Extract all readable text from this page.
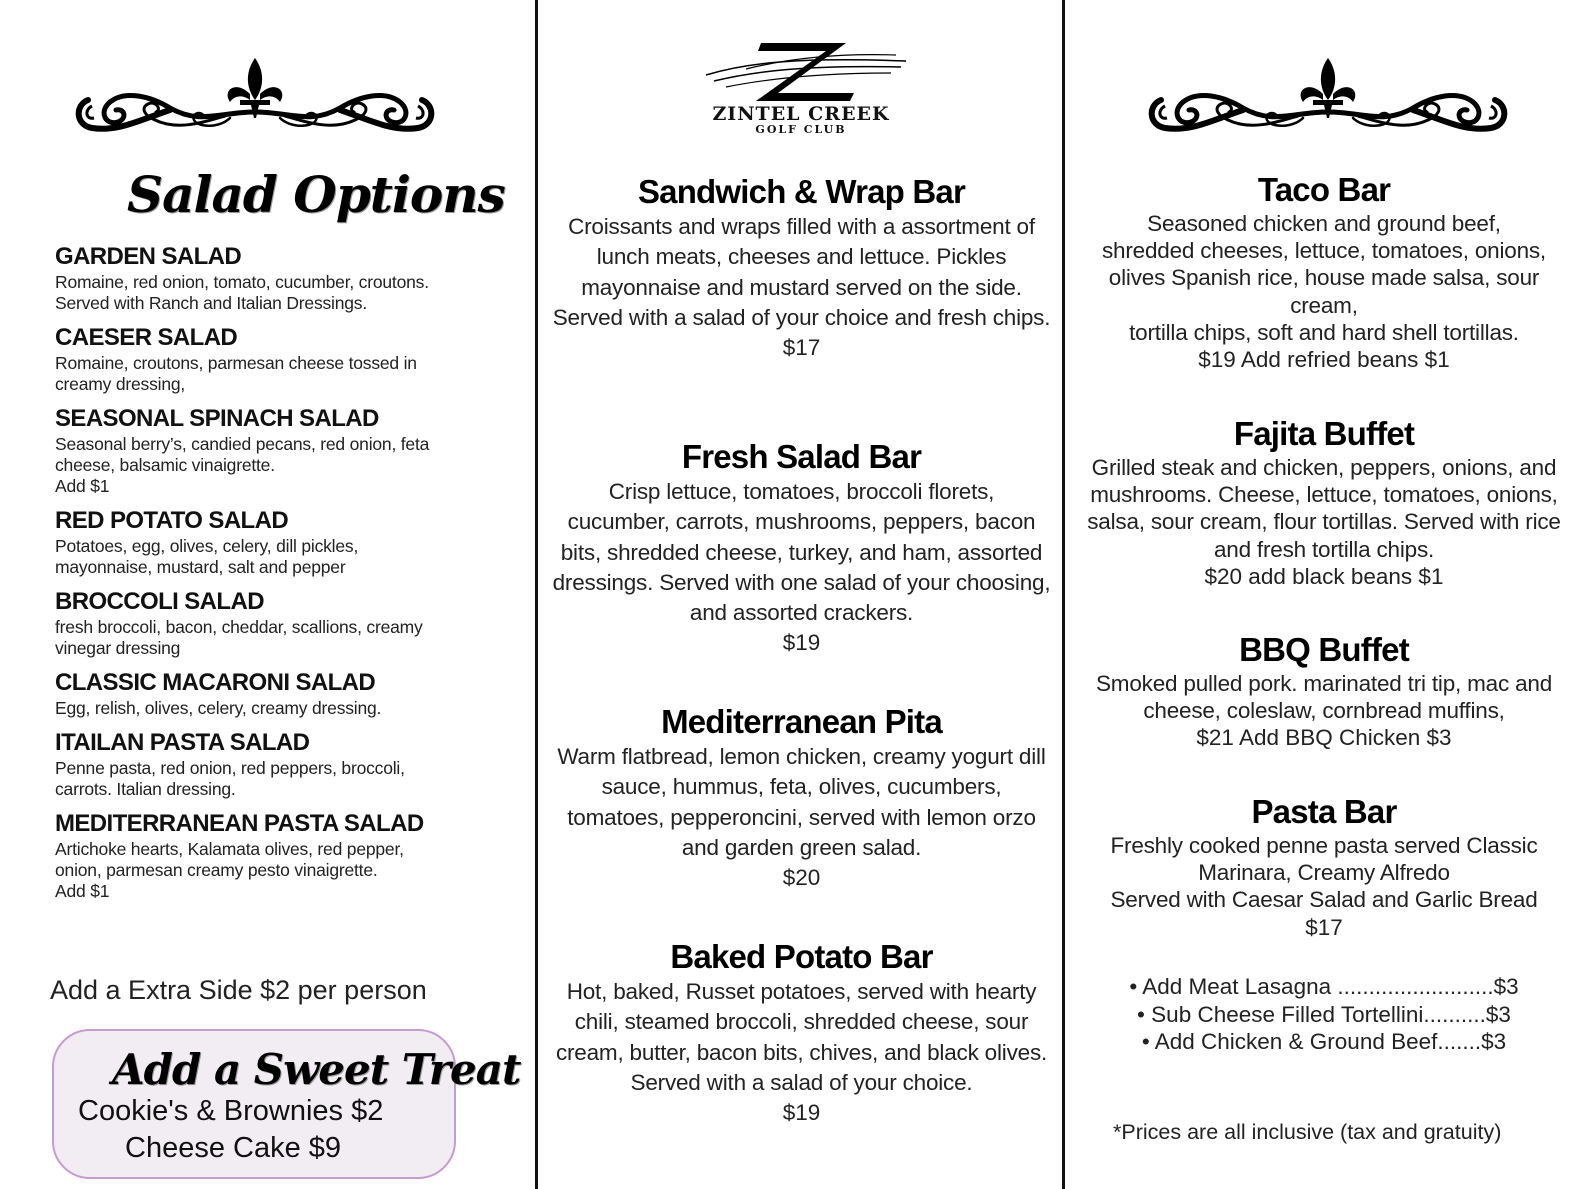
Salad Options
GARDEN SALAD
Romaine, red onion, tomato, cucumber, croutons.
Served with Ranch and Italian Dressings.
CAESER SALAD
Romaine, croutons, parmesan cheese tossed in
creamy dressing,
SEASONAL SPINACH SALAD
Seasonal berry’s, candied pecans, red onion, feta
cheese, balsamic vinaigrette.
Add $1
RED POTATO SALAD
Potatoes, egg, olives, celery, dill pickles,
mayonnaise, mustard, salt and pepper
BROCCOLI SALAD
fresh broccoli, bacon, cheddar, scallions, creamy
vinegar dressing
CLASSIC MACARONI SALAD
Egg, relish, olives, celery, creamy dressing.
ITAILAN PASTA SALAD
Penne pasta, red onion, red peppers, broccoli,
carrots. Italian dressing.
MEDITERRANEAN PASTA SALAD
Artichoke hearts, Kalamata olives, red pepper,
onion, parmesan creamy pesto vinaigrette.
Add $1
Add a Extra Side $2 per person
Add a Sweet Treat
Cookie's & Brownies $2
Cheese Cake $9
ZINTEL CREEK
GOLF CLUB
Sandwich & Wrap Bar
Croissants and wraps filled with a assortment of
lunch meats, cheeses and lettuce. Pickles
mayonnaise and mustard served on the side.
Served with a salad of your choice and fresh chips.
$17
Fresh Salad Bar
Crisp lettuce, tomatoes, broccoli florets,
cucumber, carrots, mushrooms, peppers, bacon
bits, shredded cheese, turkey, and ham, assorted
dressings. Served with one salad of your choosing,
and assorted crackers.
$19
Mediterranean Pita
Warm flatbread, lemon chicken, creamy yogurt dill
sauce, hummus, feta, olives, cucumbers,
tomatoes, pepperoncini, served with lemon orzo
and garden green salad.
$20
Baked Potato Bar
Hot, baked, Russet potatoes, served with hearty
chili, steamed broccoli, shredded cheese, sour
cream, butter, bacon bits, chives, and black olives.
Served with a salad of your choice.
$19
Taco Bar
Seasoned chicken and ground beef,
shredded cheeses, lettuce, tomatoes, onions,
olives Spanish rice, house made salsa, sour cream,
tortilla chips, soft and hard shell tortillas.
$19 Add refried beans $1
Fajita Buffet
Grilled steak and chicken, peppers, onions, and
mushrooms. Cheese, lettuce, tomatoes, onions,
salsa, sour cream, flour tortillas. Served with rice
and fresh tortilla chips.
$20 add black beans $1
BBQ Buffet
Smoked pulled pork. marinated tri tip, mac and
cheese, coleslaw, cornbread muffins,
$21 Add BBQ Chicken $3
Pasta Bar
Freshly cooked penne pasta served Classic
Marinara, Creamy Alfredo
Served with Caesar Salad and Garlic Bread
$17
• Add Meat Lasagna .........................$3
• Sub Cheese Filled Tortellini..........$3
• Add Chicken & Ground Beef.......$3
*Prices are all inclusive (tax and gratuity)
